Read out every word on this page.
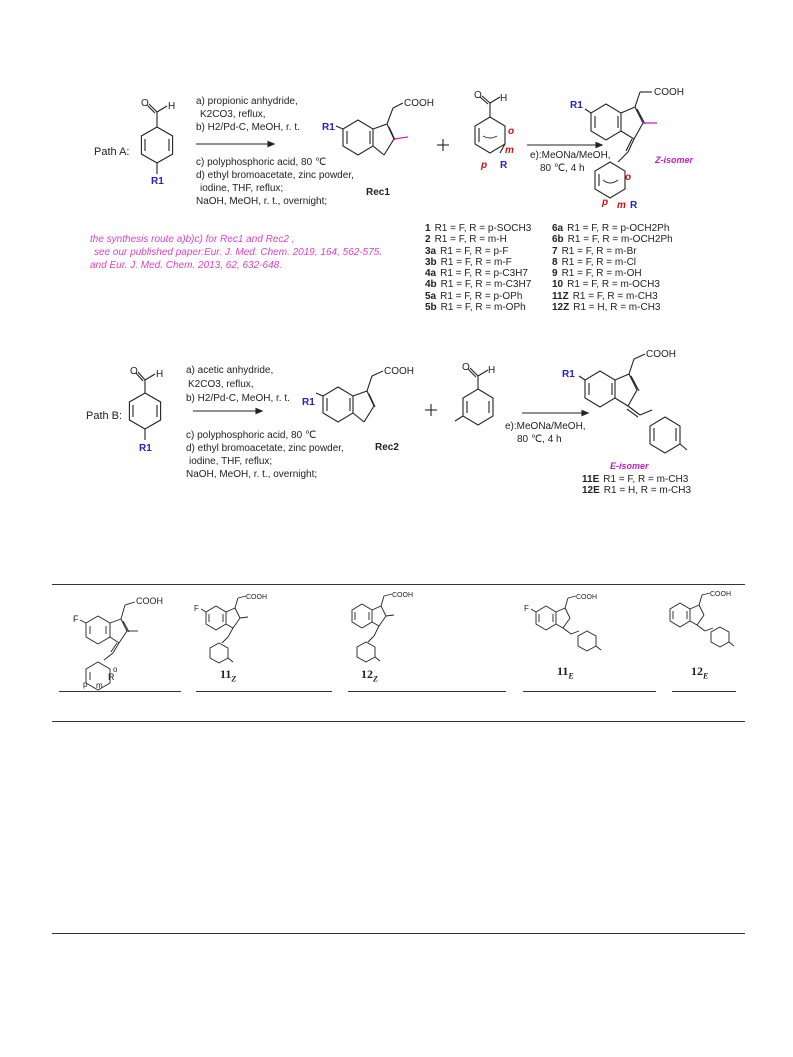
Path A:
O H
R1
a) propionic anhydride,
K2CO3, reflux,
b) H2/Pd-C, MeOH, r. t.
c) polyphosphoric acid, 80 ℃
d) ethyl bromoacetate, zinc powder,
iodine, THF, reflux;
NaOH, MeOH, r. t., overnight;
R1
COOH
Rec1
O H
o
m
p R
e):MeONa/MeOH,
80 ℃, 4 h
R1
COOH
Z-isomer
o
p m R
the synthesis route a)b)c) for Rec1 and Rec2 ,
see our published paper:Eur. J. Med. Chem. 2019, 164, 562-575.
and Eur. J. Med. Chem. 2013, 62, 632-648.
1 R1 = F, R = p-SOCH3
2 R1 = F, R = m-H
3a R1 = F, R = p-F
3b R1 = F, R = m-F
4a R1 = F, R = p-C3H7
4b R1 = F, R = m-C3H7
5a R1 = F, R = p-OPh
5b R1 = F, R = m-OPh
6a R1 = F, R = p-OCH2Ph
6b R1 = F, R = m-OCH2Ph
7 R1 = F, R = m-Br
8 R1 = F, R = m-Cl
9 R1 = F, R = m-OH
10 R1 = F, R = m-OCH3
11Z R1 = F, R = m-CH3
12Z R1 = H, R = m-CH3
Path B:
O H
R1
a) acetic anhydride,
K2CO3, reflux,
b) H2/Pd-C, MeOH, r. t.
c) polyphosphoric acid, 80 ℃
d) ethyl bromoacetate, zinc powder,
iodine, THF, reflux;
NaOH, MeOH, r. t., overnight;
R1
COOH
Rec2
O H
e):MeONa/MeOH,
80 ℃, 4 h
R1
COOH
E-isomer
11E R1 = F, R = m-CH3
12E R1 = H, R = m-CH3
COOH
F
o
R
p m
F
COOH	COOH
F
COOH	COOH
$11_Z$	$12_Z$
$11_E$	$12_E$
